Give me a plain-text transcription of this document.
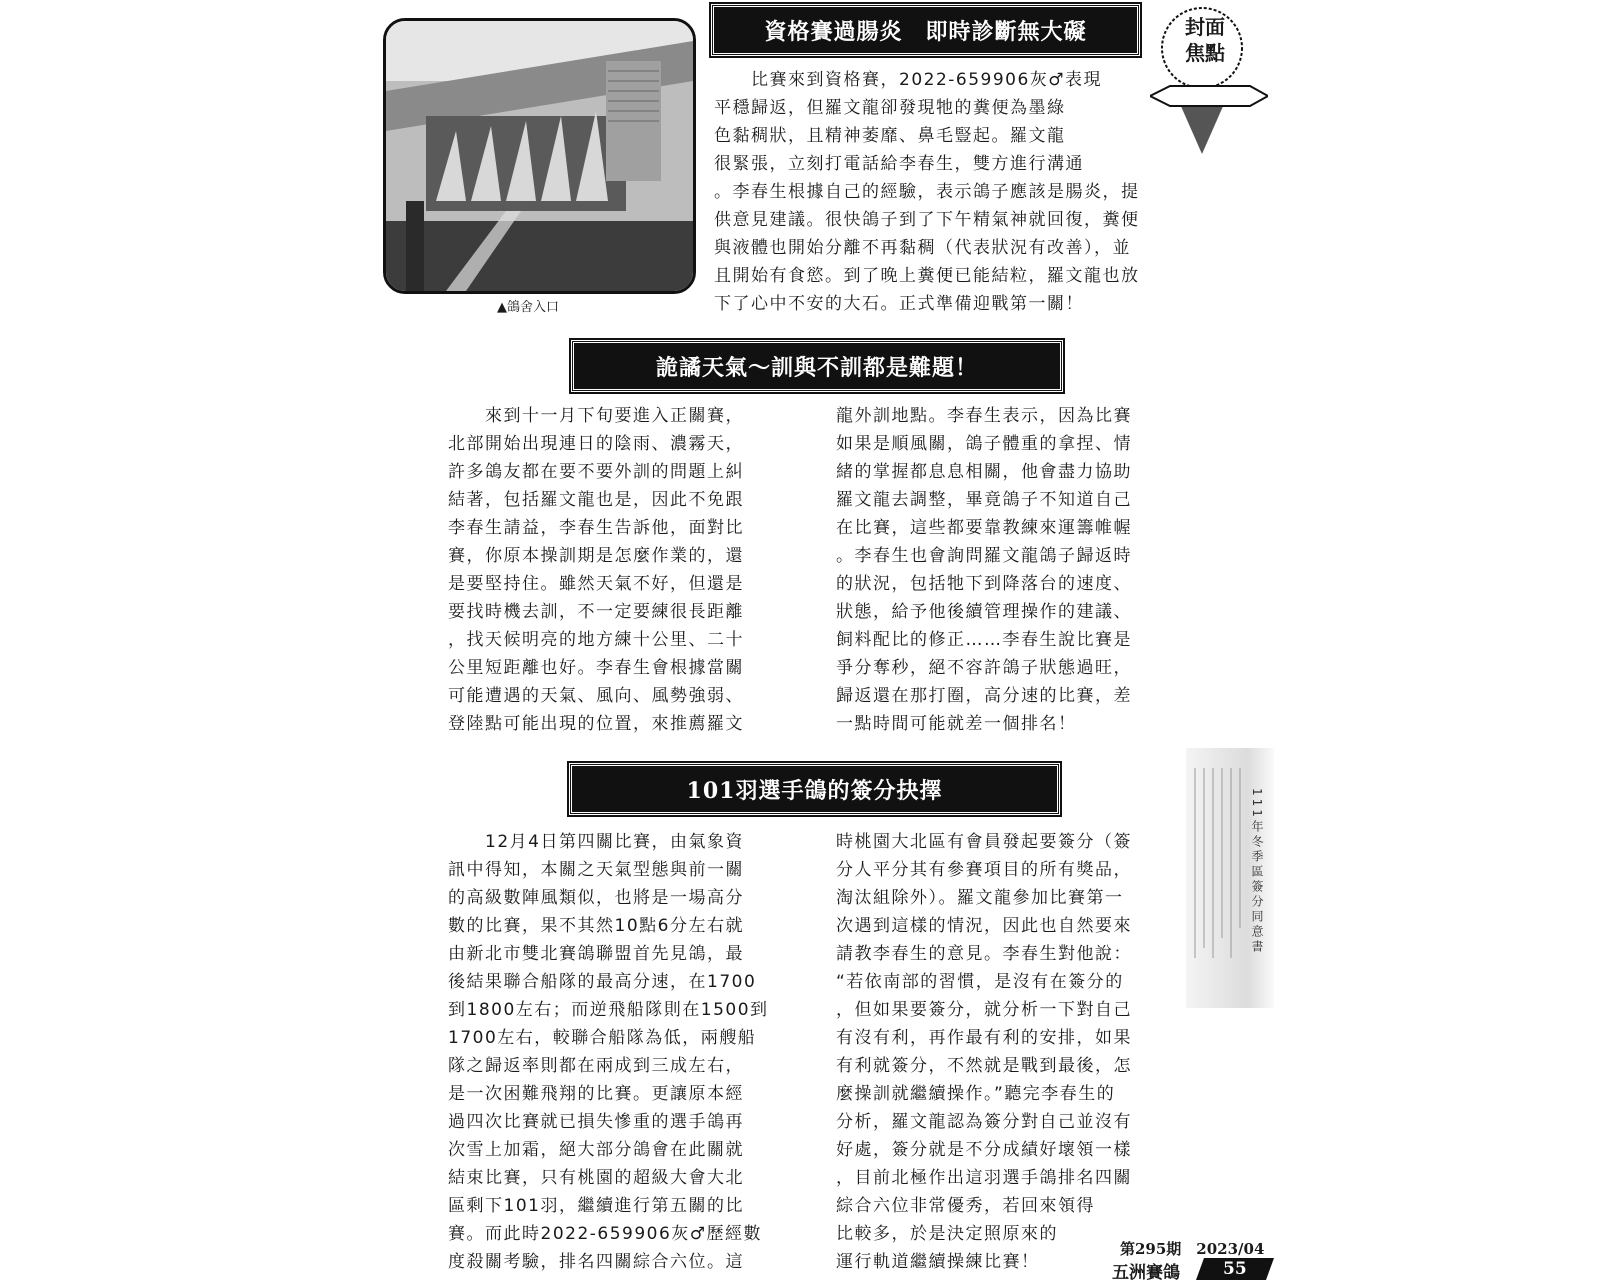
▲鴿舍入口
封面
焦點
資格賽過腸炎　即時診斷無大礙
　　比賽來到資格賽，2022-659906灰♂表現
平穩歸返，但羅文龍卻發現牠的糞便為墨綠
色黏稠狀，且精神萎靡、鼻毛豎起。羅文龍
很緊張，立刻打電話給李春生，雙方進行溝通
。李春生根據自己的經驗，表示鴿子應該是腸炎，提
供意見建議。很快鴿子到了下午精氣神就回復，糞便
與液體也開始分離不再黏稠（代表狀況有改善），並
且開始有食慾。到了晚上糞便已能結粒，羅文龍也放
下了心中不安的大石。正式準備迎戰第一關！
詭譎天氣～訓與不訓都是難題！
　　來到十一月下旬要進入正關賽，
北部開始出現連日的陰雨、濃霧天，
許多鴿友都在要不要外訓的問題上糾
結著，包括羅文龍也是，因此不免跟
李春生請益，李春生告訴他，面對比
賽，你原本操訓期是怎麼作業的，還
是要堅持住。雖然天氣不好，但還是
要找時機去訓，不一定要練很長距離
，找天候明亮的地方練十公里、二十
公里短距離也好。李春生會根據當關
可能遭遇的天氣、風向、風勢強弱、
登陸點可能出現的位置，來推薦羅文
龍外訓地點。李春生表示，因為比賽
如果是順風關，鴿子體重的拿捏、情
緒的掌握都息息相關，他會盡力協助
羅文龍去調整，畢竟鴿子不知道自己
在比賽，這些都要靠教練來運籌帷幄
。李春生也會詢問羅文龍鴿子歸返時
的狀況，包括牠下到降落台的速度、
狀態，給予他後續管理操作的建議、
飼料配比的修正……李春生說比賽是
爭分奪秒，絕不容許鴿子狀態過旺，
歸返還在那打圈，高分速的比賽，差
一點時間可能就差一個排名！
111年冬季區簽分同意書
101羽選手鴿的簽分抉擇
　　12月4日第四關比賽，由氣象資
訊中得知，本關之天氣型態與前一關
的高級數陣風類似，也將是一場高分
數的比賽，果不其然10點6分左右就
由新北市雙北賽鴿聯盟首先見鴿，最
後結果聯合船隊的最高分速，在1700
到1800左右；而逆飛船隊則在1500到
1700左右，較聯合船隊為低，兩艘船
隊之歸返率則都在兩成到三成左右，
是一次困難飛翔的比賽。更讓原本經
過四次比賽就已損失慘重的選手鴿再
次雪上加霜，絕大部分鴿會在此關就
結束比賽，只有桃園的超級大會大北
區剩下101羽，繼續進行第五關的比
賽。而此時2022-659906灰♂歷經數
度殺關考驗，排名四關綜合六位。這
時桃園大北區有會員發起要簽分（簽
分人平分其有參賽項目的所有獎品，
淘汰組除外）。羅文龍參加比賽第一
次遇到這樣的情況，因此也自然要來
請教李春生的意見。李春生對他說：
“若依南部的習慣，是沒有在簽分的
，但如果要簽分，就分析一下對自己
有沒有利，再作最有利的安排，如果
有利就簽分，不然就是戰到最後，怎
麼操訓就繼續操作。”聽完李春生的
分析，羅文龍認為簽分對自己並沒有
好處，簽分就是不分成績好壞領一樣
，目前北極作出這羽選手鴿排名四關
綜合六位非常優秀，若回來領得
比較多，於是決定照原來的
運行軌道繼續操練比賽！
第295期　2023/04
五洲賽鴿	55
